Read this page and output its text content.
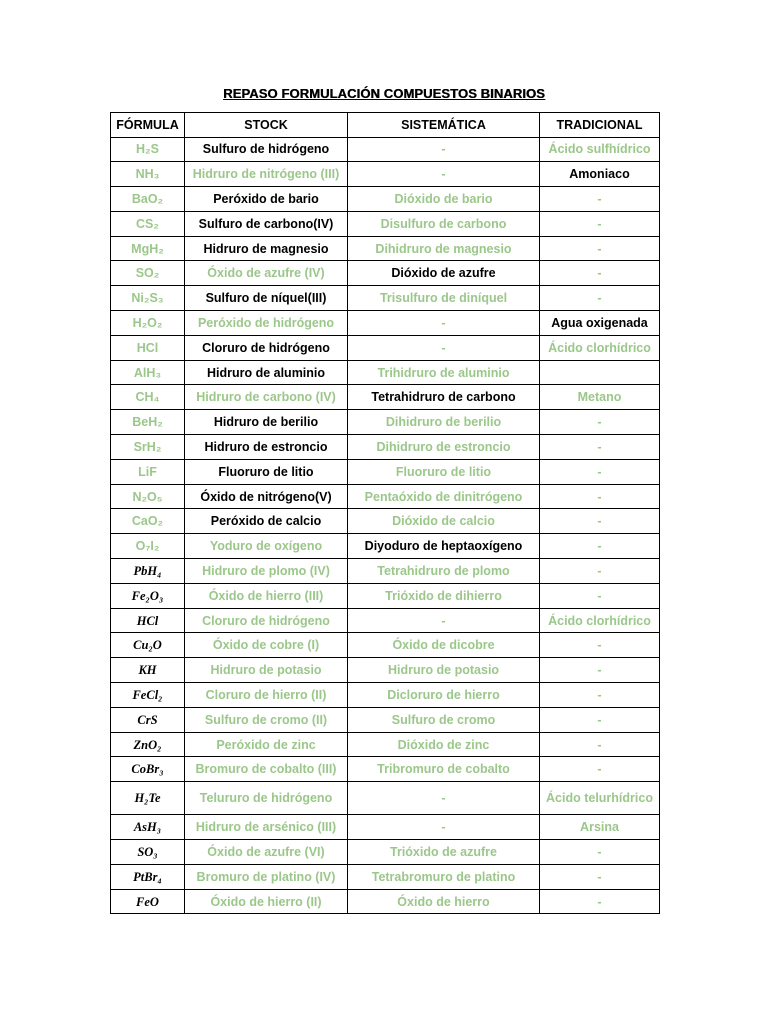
REPASO FORMULACIÓN COMPUESTOS BINARIOS
FÓRMULA	STOCK	SISTEMÁTICA	TRADICIONAL
H₂S	Sulfuro de hidrógeno	-	Ácido sulfhídrico
NH₃	Hidruro de nitrógeno (III)	-	Amoniaco
BaO₂	Peróxido de bario	Dióxido de bario	-
CS₂	Sulfuro de carbono(IV)	Disulfuro de carbono	-
MgH₂	Hidruro de magnesio	Dihidruro de magnesio	-
SO₂	Óxido de azufre (IV)	Dióxido de azufre	-
Ni₂S₃	Sulfuro de níquel(III)	Trisulfuro de diníquel	-
H₂O₂	Peróxido de hidrógeno	-	Agua oxigenada
HCl	Cloruro de hidrógeno	-	Ácido clorhídrico
AlH₃	Hidruro de aluminio	Trihidruro de aluminio	
CH₄	Hidruro de carbono (IV)	Tetrahidruro de carbono	Metano
BeH₂	Hidruro de berilio	Dihidruro de berilio	-
SrH₂	Hidruro de estroncio	Dihidruro de estroncio	-
LiF	Fluoruro de litio	Fluoruro de litio	-
N₂O₅	Óxido de nitrógeno(V)	Pentaóxido de dinitrógeno	-
CaO₂	Peróxido de calcio	Dióxido de calcio	-
O₇I₂	Yoduro de oxígeno	Diyoduro de heptaoxígeno	-
PbH₄	Hidruro de plomo (IV)	Tetrahidruro de plomo	-
Fe₂O₃	Óxido de hierro (III)	Trióxido de dihierro	-
HCl	Cloruro de hidrógeno	-	Ácido clorhídrico
Cu₂O	Óxido de cobre (I)	Óxido de dicobre	-
KH	Hidruro de potasio	Hidruro de potasio	-
FeCl₂	Cloruro de hierro (II)	Dicloruro de hierro	-
CrS	Sulfuro de cromo (II)	Sulfuro de cromo	-
ZnO₂	Peróxido de zinc	Dióxido de zinc	-
CoBr₃	Bromuro de cobalto (III)	Tribromuro de cobalto	-
H₂Te	Telururo de hidrógeno	-	Ácido telurhídrico
AsH₃	Hidruro de arsénico (III)	-	Arsina
SO₃	Óxido de azufre (VI)	Trióxido de azufre	-
PtBr₄	Bromuro de platino (IV)	Tetrabromuro de platino	-
FeO	Óxido de hierro (II)	Óxido de hierro	-
